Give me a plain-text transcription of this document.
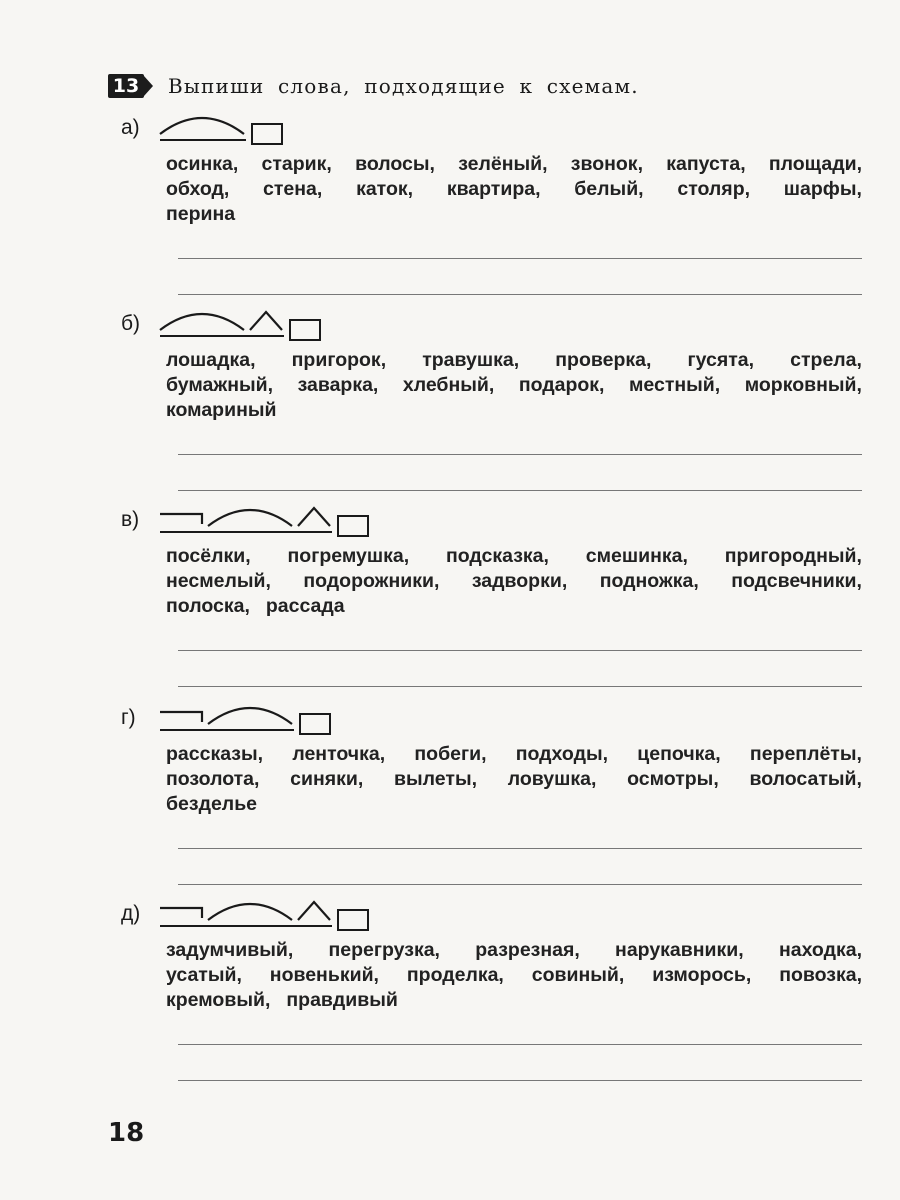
13 Выпиши слова, подходящие к схемам.
а)
осинка, старик, волосы, зелёный, звонок, капуста, площади,
обход, стена, каток, квартира, белый, столяр, шарфы,
перина
б)
лошадка, пригорок, травушка, проверка, гусята, стрела,
бумажный, заварка, хлебный, подарок, местный, морковный,
комариный
в)
посёлки, погремушка, подсказка, смешинка, пригородный,
несмелый, подорожники, задворки, подножка, подсвечники,
полоска, рассада
г)
рассказы, ленточка, побеги, подходы, цепочка, переплёты,
позолота, синяки, вылеты, ловушка, осмотры, волосатый,
безделье
д)
задумчивый, перегрузка, разрезная, нарукавники, находка,
усатый, новенький, проделка, совиный, изморось, повозка,
кремовый, правдивый
18
